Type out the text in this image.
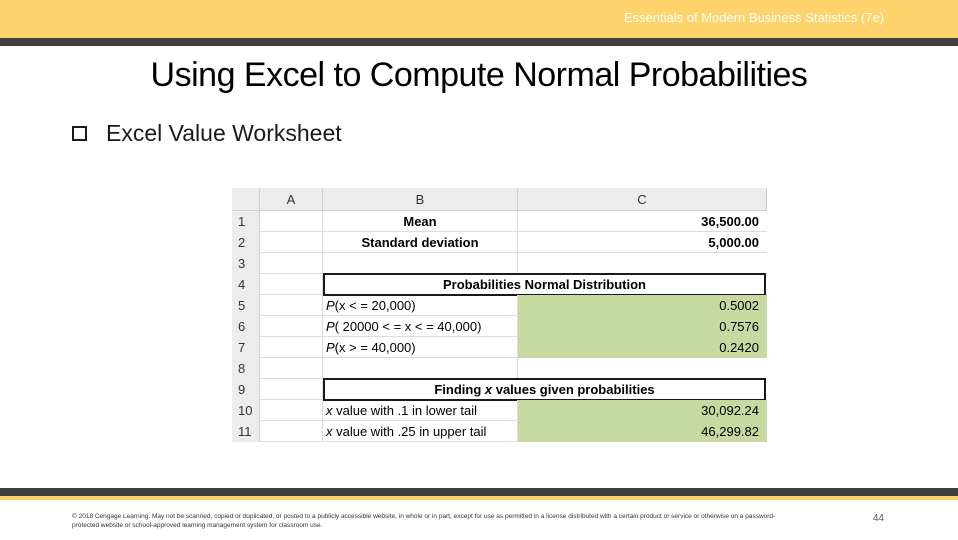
Essentials of Modern Business Statistics (7e)
Using Excel to Compute Normal Probabilities
Excel Value Worksheet
A	B	C
1	Mean	36,500.00
2	Standard deviation	5,000.00
3
4	Probabilities Normal Distribution
5	P (x < = 20,000)	0.5002
6	P ( 20000 < = x < = 40,000)	0.7576
7	P (x > = 40,000)	0.2420
8
9	Finding x values given probabilities
10	x value with .1 in lower tail	30,092.24
11	x value with .25 in upper tail	46,299.82
© 2018 Cengage Learning. May not be scanned, copied or duplicated, or posted to a publicly accessible website, in whole or in part, except for use as permitted in a license distributed with a certain product or service or otherwise on a password-protected website or school-approved learning management system for classroom use.
44
